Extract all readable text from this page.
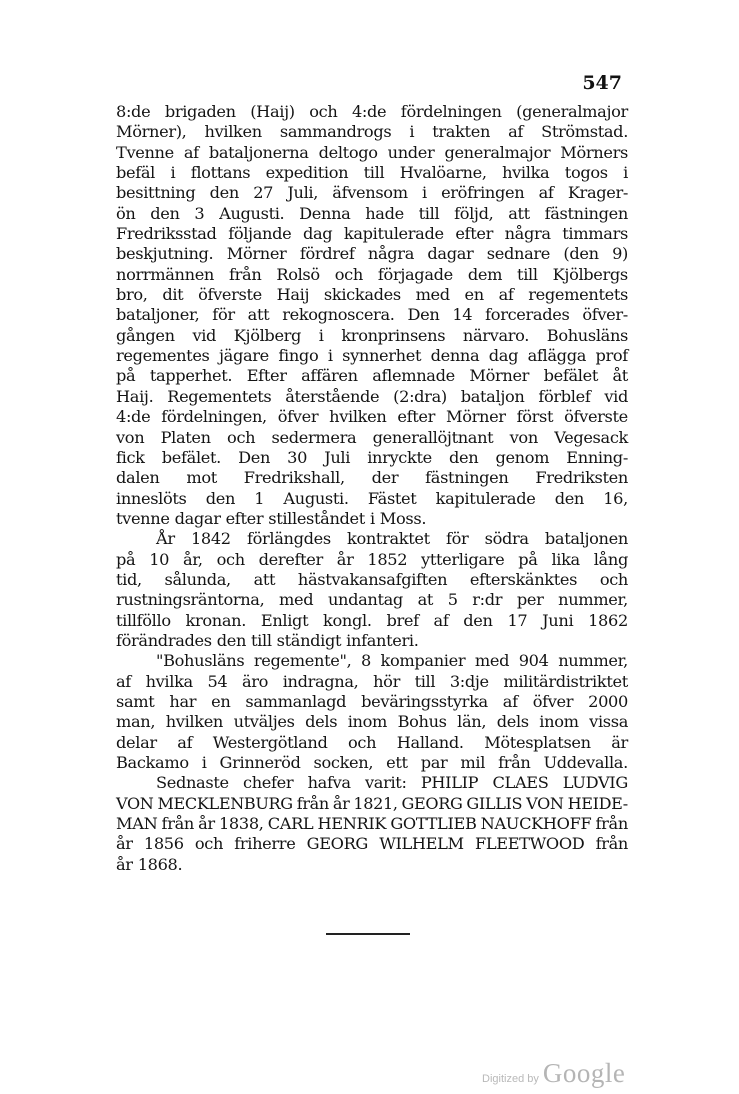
547
8:de brigaden (Haij) och 4:de fördelningen (generalmajor
Mörner), hvilken sammandrogs i trakten af Strömstad.
Tvenne af bataljonerna deltogo under generalmajor Mörners
befäl i flottans expedition till Hvalöarne, hvilka togos i
besittning den 27 Juli, äfvensom i eröfringen af Krager-
ön den 3 Augusti. Denna hade till följd, att fästningen
Fredriksstad följande dag kapitulerade efter några timmars
beskjutning. Mörner fördref några dagar sednare (den 9)
norrmännen från Rolsö och förjagade dem till Kjölbergs
bro, dit öfverste Haij skickades med en af regementets
bataljoner, för att rekognoscera. Den 14 forcerades öfver-
gången vid Kjölberg i kronprinsens närvaro. Bohusläns
regementes jägare fingo i synnerhet denna dag aflägga prof
på tapperhet. Efter affären aflemnade Mörner befälet åt
Haij. Regementets återstående (2:dra) bataljon förblef vid
4:de fördelningen, öfver hvilken efter Mörner först öfverste
von Platen och sedermera generallöjtnant von Vegesack
fick befälet. Den 30 Juli inryckte den genom Enning-
dalen mot Fredrikshall, der fästningen Fredriksten
inneslöts den 1 Augusti. Fästet kapitulerade den 16,
tvenne dagar efter stilleståndet i Moss.
År 1842 förlängdes kontraktet för södra bataljonen
på 10 år, och derefter år 1852 ytterligare på lika lång
tid, sålunda, att hästvakansafgiften efterskänktes och
rustningsräntorna, med undantag at 5 r:dr per nummer,
tillföllo kronan. Enligt kongl. bref af den 17 Juni 1862
förändrades den till ständigt infanteri.
"Bohusläns regemente", 8 kompanier med 904 nummer,
af hvilka 54 äro indragna, hör till 3:dje militärdistriktet
samt har en sammanlagd beväringsstyrka af öfver 2000
man, hvilken utväljes dels inom Bohus län, dels inom vissa
delar af Westergötland och Halland. Mötesplatsen är
Backamo i Grinneröd socken, ett par mil från Uddevalla.
Sednaste chefer hafva varit: PHILIP CLAES LUDVIG
VON MECKLENBURG från år 1821, GEORG GILLIS VON HEIDE-
MAN från år 1838, CARL HENRIK GOTTLIEB NAUCKHOFF från
år 1856 och friherre GEORG WILHELM FLEETWOOD från
år 1868.
Digitized by Google
